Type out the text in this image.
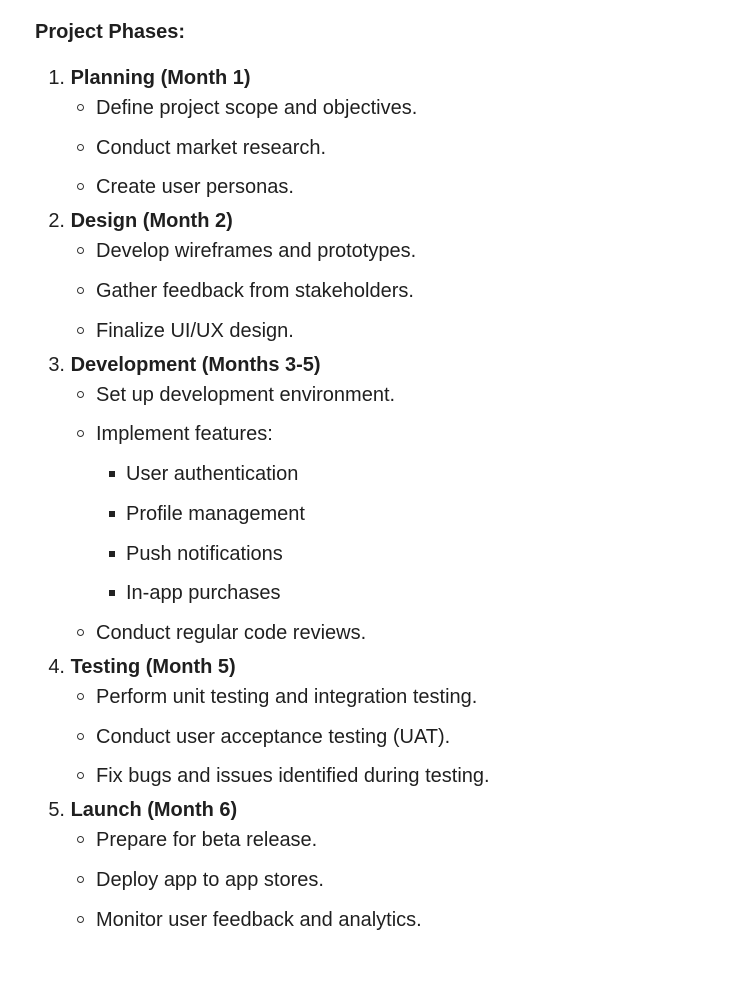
Project Phases:
1. Planning (Month 1)
Define project scope and objectives.
Conduct market research.
Create user personas.
2. Design (Month 2)
Develop wireframes and prototypes.
Gather feedback from stakeholders.
Finalize UI/UX design.
3. Development (Months 3-5)
Set up development environment.
Implement features:
User authentication
Profile management
Push notifications
In-app purchases
Conduct regular code reviews.
4. Testing (Month 5)
Perform unit testing and integration testing.
Conduct user acceptance testing (UAT).
Fix bugs and issues identified during testing.
5. Launch (Month 6)
Prepare for beta release.
Deploy app to app stores.
Monitor user feedback and analytics.
